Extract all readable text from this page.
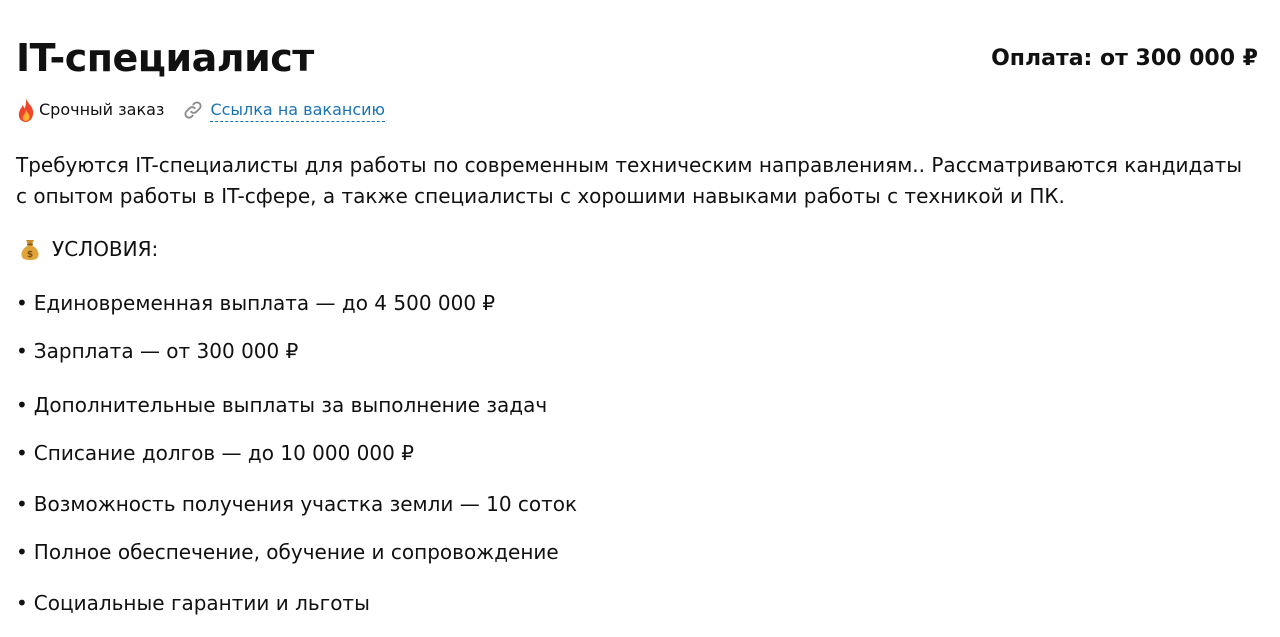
IT-специалист	Оплата: от 300 000 ₽
Срочный заказ	Ссылка на вакансию

Требуются IT-специалисты для работы по современным техническим направлениям.. Рассматриваются кандидаты с опытом работы в IT-сфере, а также специалисты с хорошими навыками работы с техникой и ПК.

$ УСЛОВИЯ:
• Единовременная выплата — до 4 500 000 ₽
• Зарплата — от 300 000 ₽
• Дополнительные выплаты за выполнение задач
• Списание долгов — до 10 000 000 ₽
• Возможность получения участка земли — 10 соток
• Полное обеспечение, обучение и сопровождение
• Социальные гарантии и льготы
